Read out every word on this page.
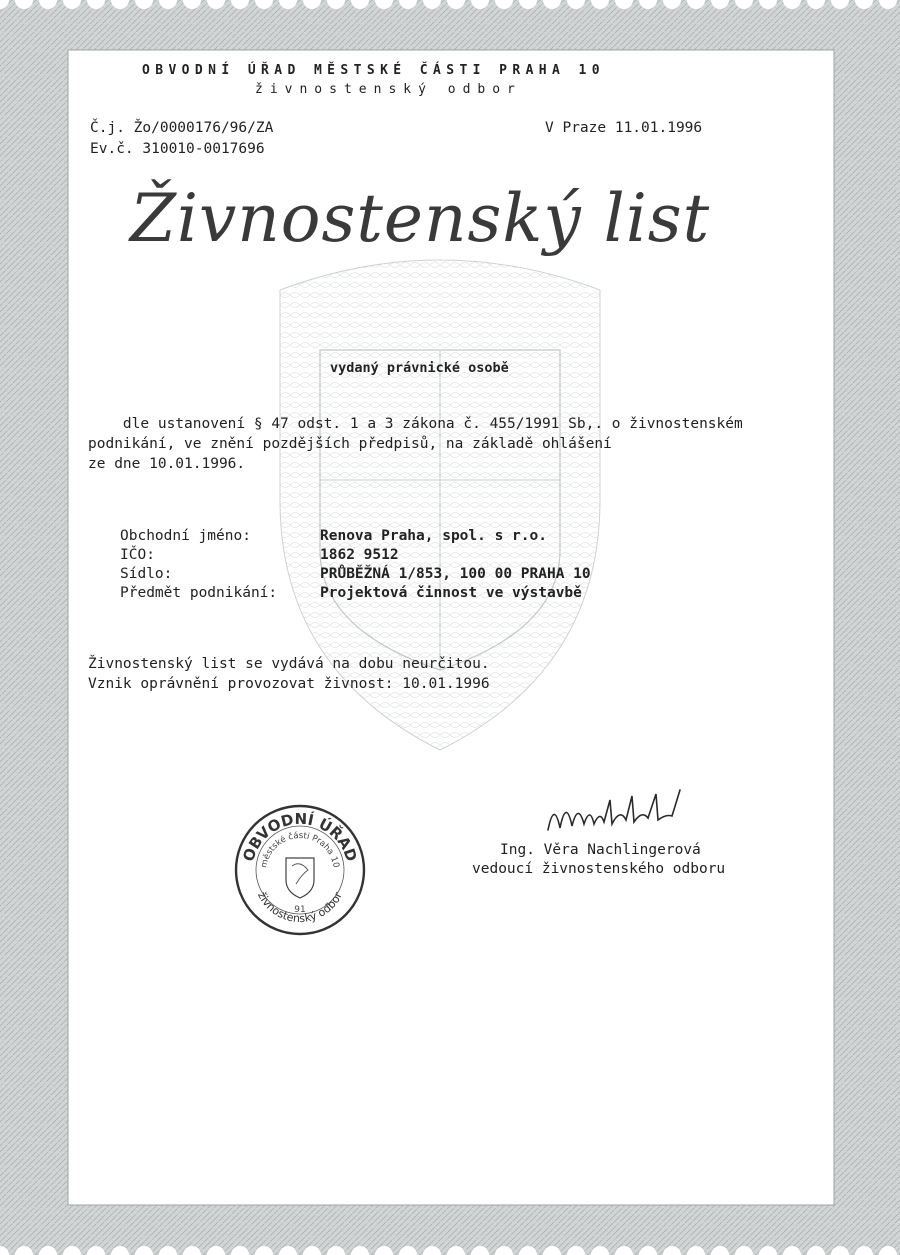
OBVODNÍ ÚŘAD MĚSTSKÉ ČÁSTI PRAHA 10
živnostenský odbor
Č.j. Žo/0000176/96/ZA
Ev.č. 310010-0017696
V Praze 11.01.1996
Živnostenský list
vydaný právnické osobě
dle ustanovení § 47 odst. 1 a 3 zákona č. 455/1991 Sb,. o živnostenském
podnikání, ve znění pozdějších předpisů, na základě ohlášení
ze dne 10.01.1996.
Obchodní jméno:	Renova Praha, spol. s r.o.
IČO:	1862 9512
Sídlo:	PRŮBĚŽNÁ 1/853, 100 00 PRAHA 10
Předmět podnikání:	Projektová činnost ve výstavbě
Živnostenský list se vydává na dobu neurčitou.
Vznik oprávnění provozovat živnost: 10.01.1996
Ing. Věra Nachlingerová
vedoucí živnostenského odboru
OBVODNÍ ÚŘAD
městské části Praha 10
živnostenský odbor
91
